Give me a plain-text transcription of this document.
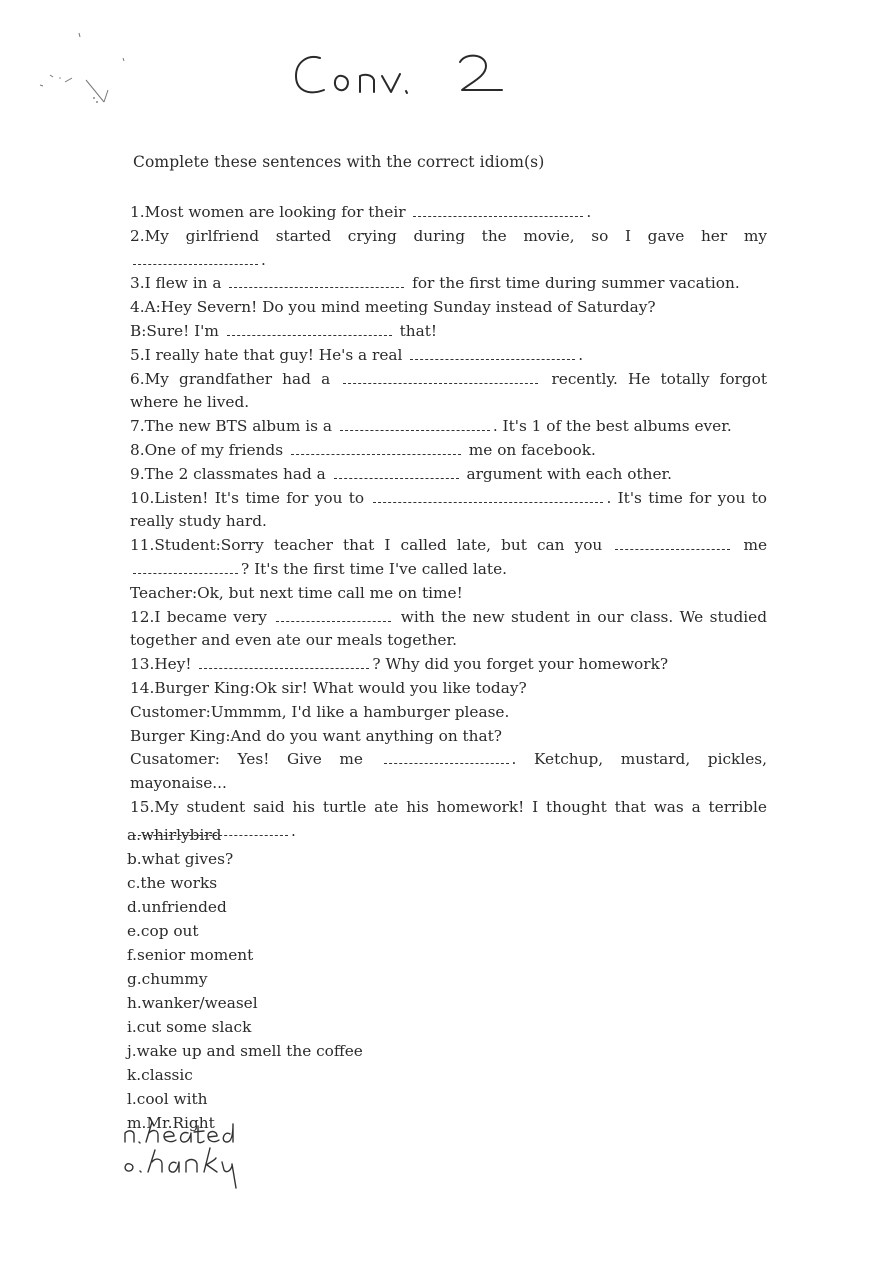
Complete these sentences with the correct idiom(s)

1.Most women are looking for their	.

2.My girlfriend started crying during the movie, so I gave her my .

3.I flew in a	for the first time during summer vacation.

4.A:Hey Severn! Do you mind meeting Sunday instead of Saturday?

B:Sure! I'm	that!

5.I really hate that guy! He's a real	.

6.My grandfather had a	recently. He totally forgot where he lived.

7.The new BTS album is a	. It's 1 of the best albums ever.

8.One of my friends	me on facebook.

9.The 2 classmates had a	argument with each other.

10.Listen! It's time for you to	. It's time for you to really study hard.

11.Student:Sorry teacher that I called late, but can you	me ? It's the first time I've called late.

Teacher:Ok, but next time call me on time!

12.I became very	with the new student in our class. We studied together and even ate our meals together.

13.Hey!	? Why did you forget your homework?

14.Burger King:Ok sir! What would you like today?

Customer:Ummmm, I'd like a hamburger please.

Burger King:And do you want anything on that?

Cusatomer: Yes! Give me	. Ketchup, mustard, pickles, mayonaise...

15.My student said his turtle ate his homework! I thought that was a terrible .

a.whirlybird
b.what gives?
c.the works
d.unfriended
e.cop out
f.senior moment
g.chummy
h.wanker/weasel
i.cut some slack
j.wake up and smell the coffee
k.classic
l.cool with
m.Mr.Right
